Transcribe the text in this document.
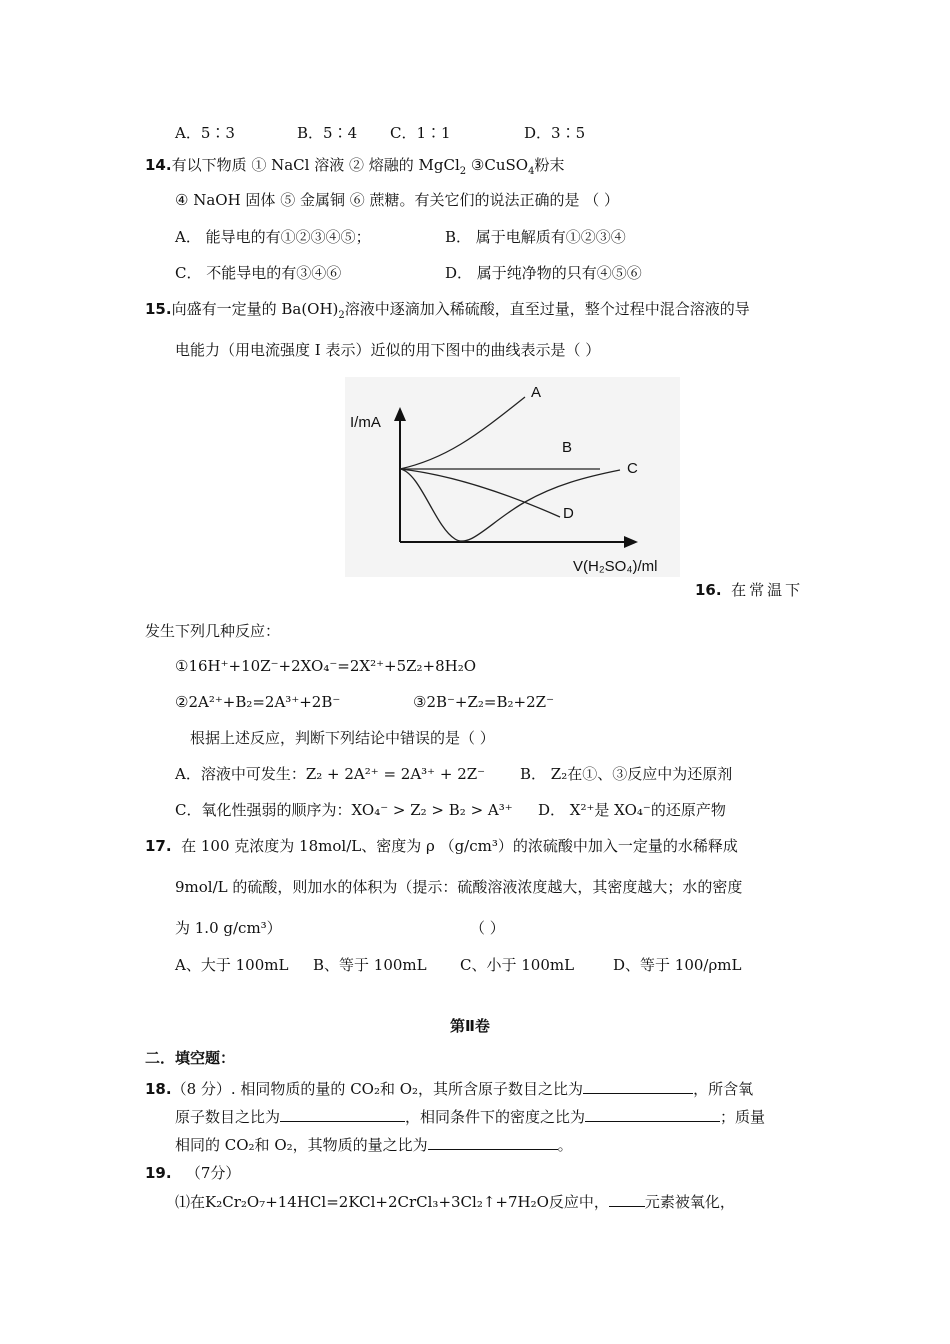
A．5∶3	B．5∶4 C．1∶1	D．3∶5
14.有以下物质 ① NaCl 溶液 ② 熔融的 MgCl$_2$ ③CuSO$_4$粉末
④ NaOH 固体 ⑤ 金属铜 ⑥ 蔗糖。有关它们的说法正确的是 （ ）
A． 能导电的有①②③④⑤；	B． 属于电解质有①②③④
C． 不能导电的有③④⑥	D． 属于纯净物的只有④⑤⑥
15.向盛有一定量的 $Ba(OH)_2$溶液中逐滴加入稀硫酸，直至过量，整个过程中混合溶液的导
电能力（用电流强度 I 表示）近似的用下图中的曲线表示是（ ）
I/mA
V(H₂SO₄)/ml
A
B
C
D
16. 在常温下
发生下列几种反应：
①16H⁺+10Z⁻+2XO₄⁻=2X²⁺+5Z₂+8H₂O
②2A²⁺+B₂=2A³⁺+2B⁻	③2B⁻+Z₂=B₂+2Z⁻
根据上述反应，判断下列结论中错误的是（ ）
A．溶液中可发生：Z₂ + 2A²⁺ = 2A³⁺ + 2Z⁻ B． Z₂在①、③反应中为还原剂
C．氧化性强弱的顺序为：XO₄⁻ > Z₂ > B₂ > A³⁺ D． X²⁺是 XO₄⁻的还原产物
17. 在 100 克浓度为 18mol/L、密度为 ρ （g/cm³）的浓硫酸中加入一定量的水稀释成
9mol/L 的硫酸，则加水的体积为（提示：硫酸溶液浓度越大，其密度越大；水的密度
为 1.0 g/cm³）	（ ）
A、大于 100mL B、等于 100mL C、小于 100mL	D、等于 100/ρmL
第Ⅱ卷
二．填空题：
18.（8 分）. 相同物质的量的 CO₂和 O₂，其所含原子数目之比为	，所含氧
原子数目之比为	，相同条件下的密度之比为	；质量
相同的 CO₂和 O₂，其物质的量之比为	。
19. （7分）
⑴在K₂Cr₂O₇+14HCl=2KCl+2CrCl₃+3Cl₂↑+7H₂O反应中， 元素被氧化，
